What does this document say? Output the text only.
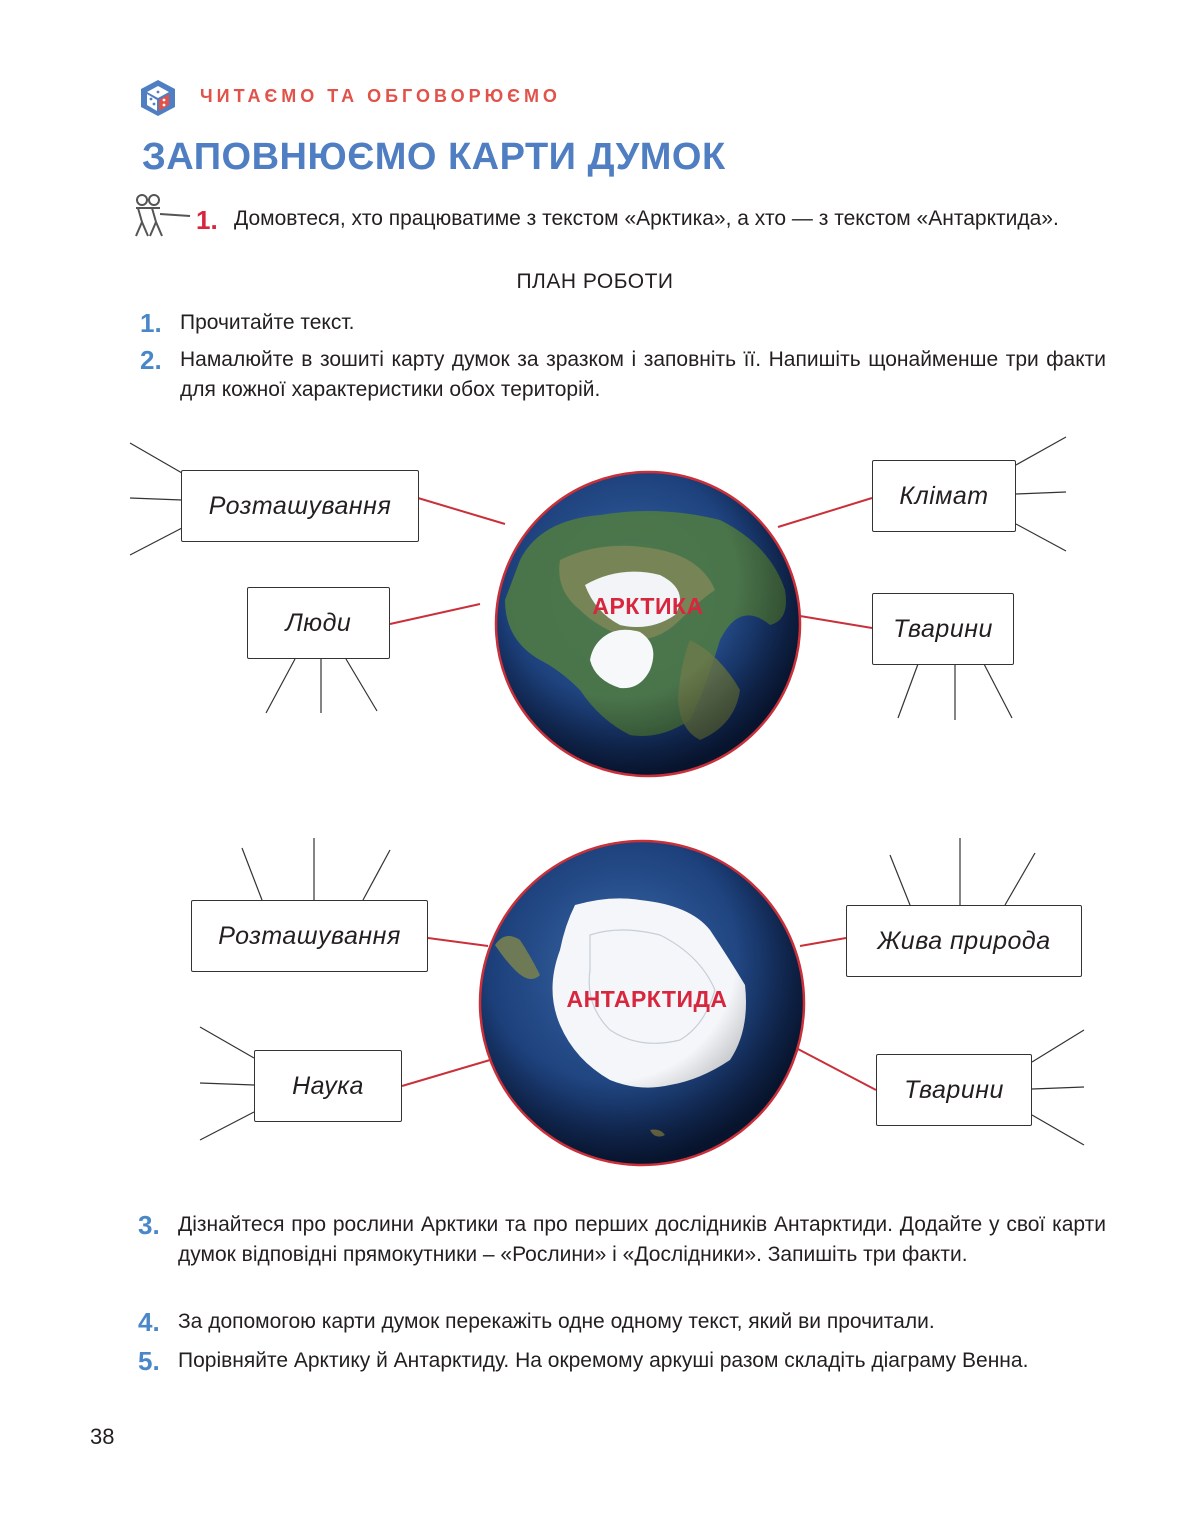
ЧИТАЄМО ТА ОБГОВОРЮЄМО
ЗАПОВНЮЄМО КАРТИ ДУМОК
1. Домовтеся, хто працюватиме з текстом «Арктика», а хто — з текстом «Антарктида».
ПЛАН РОБОТИ
1. Прочитайте текст.
2. Намалюйте в зошиті карту думок за зразком і заповніть її. Напишіть щонайменше три факти для кожної характеристики обох територій.
Розташування	Клімат
Люди	Тварини
АРКТИКА
Розташування	Жива природа
Наука	Тварини
АНТАРКТИДА
3. Дізнайтеся про рослини Арктики та про перших дослідників Антарктиди. Додайте у свої карти думок відповідні прямокутники – «Рослини» і «Дослідники». Запишіть три факти.
4. За допомогою карти думок перекажіть одне одному текст, який ви прочитали.
5. Порівняйте Арктику й Антарктиду. На окремому аркуші разом складіть діаграму Венна.
38
